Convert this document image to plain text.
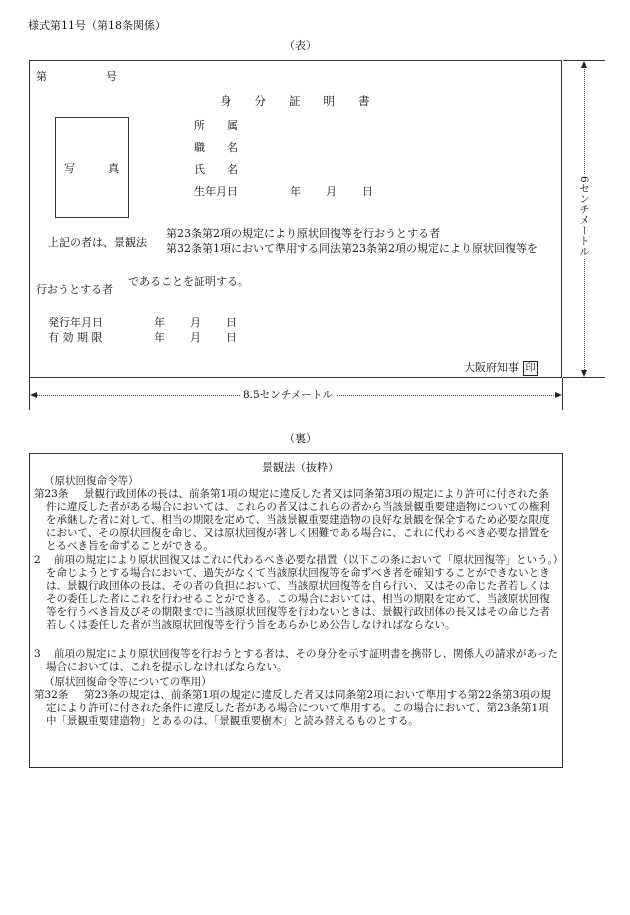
様式第11号（第18条関係）
（表）
第	号
身　　分　　証　　明　　書
写　　　真
所　　属
職　　名
氏　　名
生年月日	年 月 日
上記の者は、景観法
第23条第2項の規定により原状回復等を行おうとする者
第32条第1項において準用する同法第23条第2項の規定により原状回復等を
行おうとする者
であることを証明する。
発行年月日	年 月 日
有 効 期 限	年 月 日
大阪府知事 印
6センチメートル
8.5センチメートル
（裏）
景観法（抜粋）
（原状回復命令等）
第23条	景観行政団体の長は、前条第1項の規定に違反した者又は同条第3項の規定により許可に付された条件に違反した者がある場合においては、これらの者又はこれらの者から当該景観重要建造物についての権利を承継した者に対して、相当の期限を定めて、当該景観重要建造物の良好な景観を保全するため必要な限度において、その原状回復を命じ、又は原状回復が著しく困難である場合に、これに代わるべき必要な措置をとるべき旨を命ずることができる。
2	前項の規定により原状回復又はこれに代わるべき必要な措置（以下この条において「原状回復等」という。）を命じようとする場合において、過失がなくて当該原状回復等を命ずべき者を確知することができないときは、景観行政団体の長は、その者の負担において、当該原状回復等を自ら行い、又はその命じた者若しくはその委任した者にこれを行わせることができる。この場合においては、相当の期限を定めて、当該原状回復等を行うべき旨及びその期限までに当該原状回復等を行わないときは、景観行政団体の長又はその命じた者若しくは委任した者が当該原状回復等を行う旨をあらかじめ公告しなければならない。
3	前項の規定により原状回復等を行おうとする者は、その身分を示す証明書を携帯し、関係人の請求があった場合においては、これを提示しなければならない。
（原状回復命令等についての準用）
第32条	第23条の規定は、前条第1項の規定に違反した者又は同条第2項において準用する第22条第3項の規定により許可に付された条件に違反した者がある場合について準用する。この場合において、第23条第1項中「景観重要建造物」とあるのは、「景観重要樹木」と読み替えるものとする。
